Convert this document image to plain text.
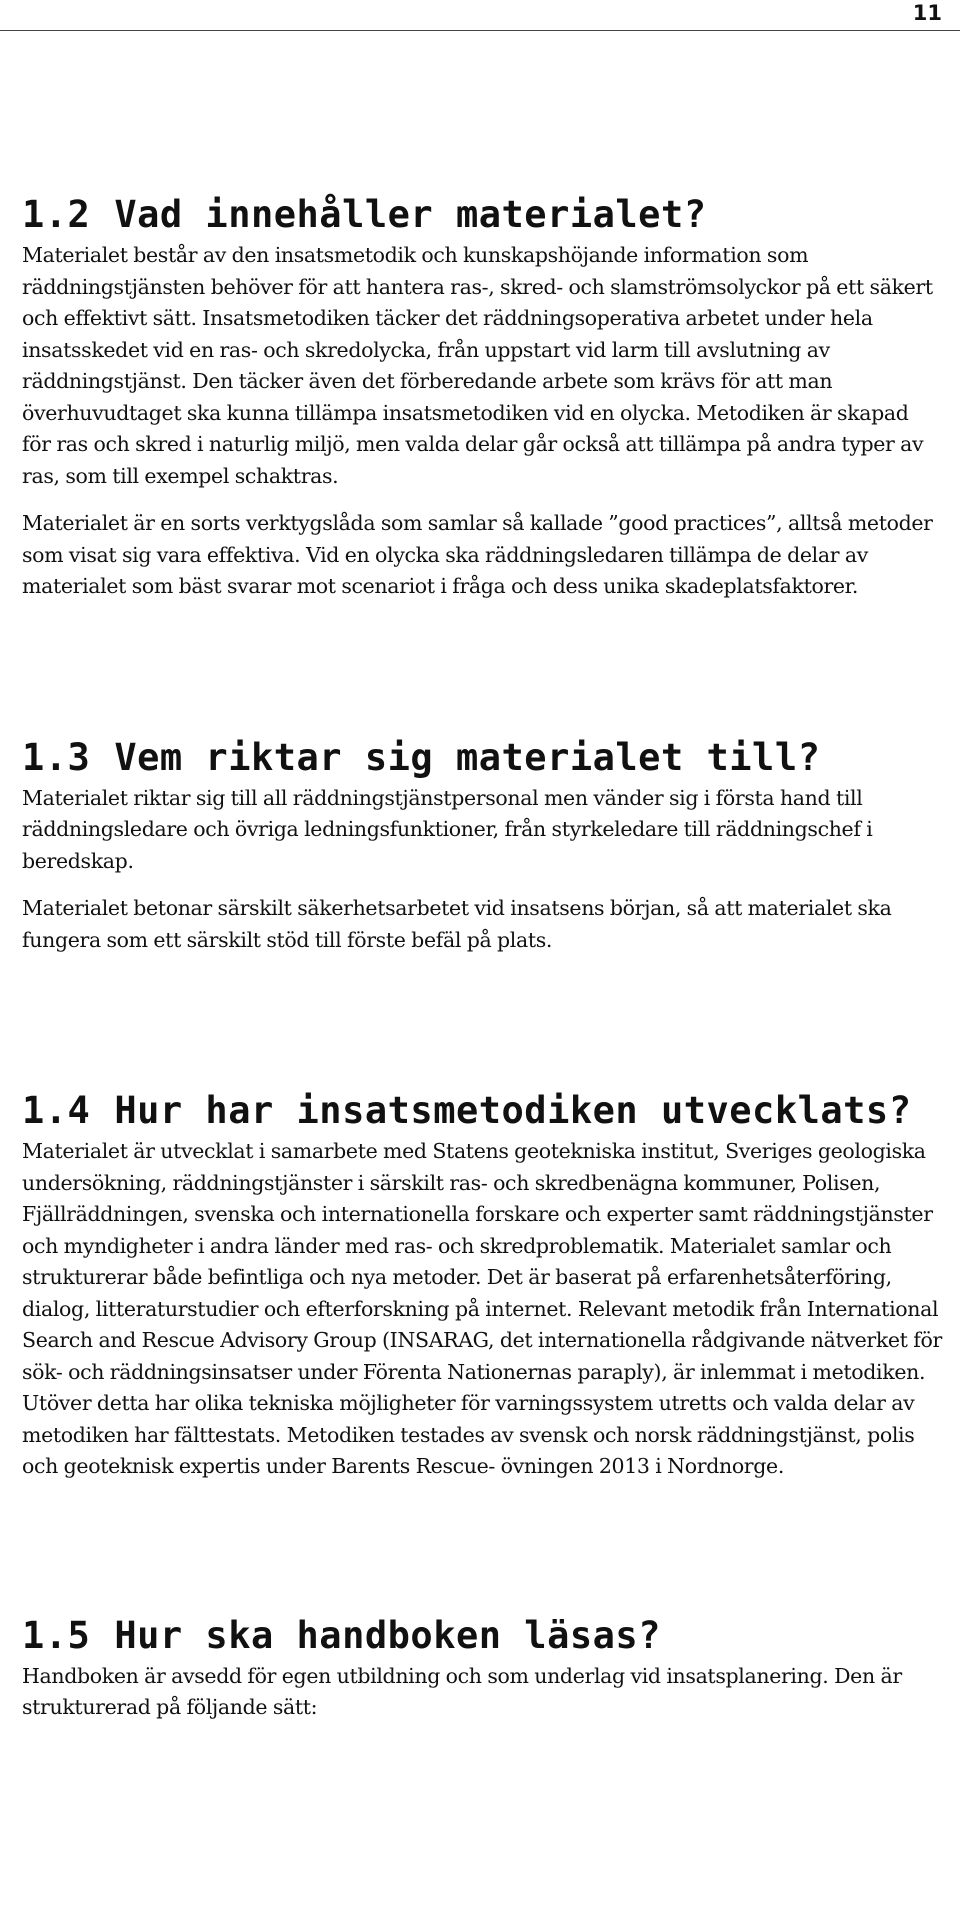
11
1.2 Vad innehåller materialet?

Materialet består av den insatsmetodik och kunskapshöjande information som räddningstjänsten behöver för att hantera ras-, skred- och slamströmsolyckor på ett säkert och effektivt sätt. Insatsmetodiken täcker det räddningsoperativa arbetet under hela insatsskedet vid en ras- och skredolycka, från uppstart vid larm till avslutning av räddningstjänst. Den täcker även det förberedande arbete som krävs för att man överhuvudtaget ska kunna tillämpa insatsmetodiken vid en olycka. Metodiken är skapad för ras och skred i naturlig miljö, men valda delar går också att tillämpa på andra typer av ras, som till exempel schaktras.

Materialet är en sorts verktygslåda som samlar så kallade ”good practices”, alltså metoder som visat sig vara effektiva. Vid en olycka ska räddningsledaren tillämpa de delar av materialet som bäst svarar mot scenariot i fråga och dess unika skadeplatsfaktorer.

1.3 Vem riktar sig materialet till?

Materialet riktar sig till all räddningstjänstpersonal men vänder sig i första hand till räddningsledare och övriga ledningsfunktioner, från styrkeledare till räddningschef i beredskap.

Materialet betonar särskilt säkerhetsarbetet vid insatsens början, så att materialet ska fungera som ett särskilt stöd till förste befäl på plats.

1.4 Hur har insatsmetodiken utvecklats?

Materialet är utvecklat i samarbete med Statens geotekniska institut, Sveriges geologiska undersökning, räddningstjänster i särskilt ras- och skredbenägna kommuner, Polisen, Fjällräddningen, svenska och internationella forskare och experter samt räddningstjänster och myndigheter i andra länder med ras- och skredproblematik. Materialet samlar och strukturerar både befintliga och nya metoder. Det är baserat på erfarenhetsåterföring, dialog, litteraturstudier och efterforskning på internet. Relevant metodik från International Search and Rescue Advisory Group (INSARAG, det internationella rådgivande nätverket för sök- och räddningsinsatser under Förenta Nationernas paraply), är inlemmat i metodiken. Utöver detta har olika tekniska möjligheter för varningssystem utretts och valda delar av metodiken har fälttestats. Metodiken testades av svensk och norsk räddningstjänst, polis och geoteknisk expertis under Barents Rescue- övningen 2013 i Nordnorge.

1.5 Hur ska handboken läsas?

Handboken är avsedd för egen utbildning och som underlag vid insatsplanering. Den är strukturerad på följande sätt:
